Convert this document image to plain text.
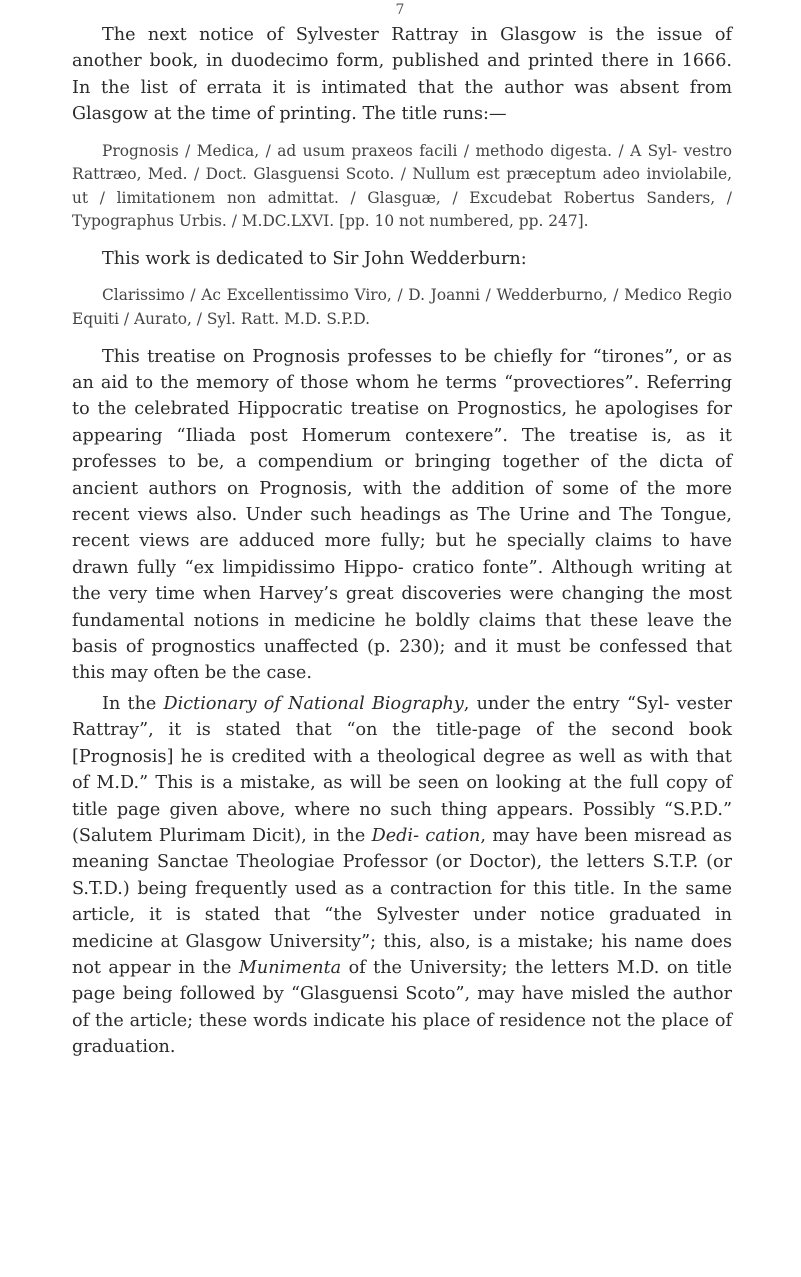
7

The next notice of Sylvester Rattray in Glasgow is the issue of another book, in duodecimo form, published and printed there in 1666. In the list of errata it is intimated that the author was absent from Glasgow at the time of printing. The title runs:—

Prognosis / Medica, / ad usum praxeos facili / methodo digesta. / A Syl- vestro Rattræo, Med. / Doct. Glasguensi Scoto. / Nullum est præceptum adeo inviolabile, ut / limitationem non admittat. / Glasguæ, / Excudebat Robertus Sanders, / Typographus Urbis. / M.DC.LXVI. [pp. 10 not numbered, pp. 247].

This work is dedicated to Sir John Wedderburn:

Clarissimo / Ac Excellentissimo Viro, / D. Joanni / Wedderburno, / Medico Regio Equiti / Aurato, / Syl. Ratt. M.D. S.P.D.

This treatise on Prognosis professes to be chiefly for “tirones”, or as an aid to the memory of those whom he terms “provectiores”. Referring to the celebrated Hippocratic treatise on Prognostics, he apologises for appearing “Iliada post Homerum contexere”. The treatise is, as it professes to be, a compendium or bringing together of the dicta of ancient authors on Prognosis, with the addition of some of the more recent views also. Under such headings as The Urine and The Tongue, recent views are adduced more fully; but he specially claims to have drawn fully “ex limpidissimo Hippo- cratico fonte”. Although writing at the very time when Harvey’s great discoveries were changing the most fundamental notions in medicine he boldly claims that these leave the basis of prognostics unaffected (p. 230); and it must be confessed that this may often be the case.

In the Dictionary of National Biography, under the entry “Syl- vester Rattray”, it is stated that “on the title-page of the second book [Prognosis] he is credited with a theological degree as well as with that of M.D.” This is a mistake, as will be seen on looking at the full copy of title page given above, where no such thing appears. Possibly “S.P.D.” (Salutem Plurimam Dicit), in the Dedi- cation, may have been misread as meaning Sanctae Theologiae Professor (or Doctor), the letters S.T.P. (or S.T.D.) being frequently used as a contraction for this title. In the same article, it is stated that “the Sylvester under notice graduated in medicine at Glasgow University”; this, also, is a mistake; his name does not appear in the Munimenta of the University; the letters M.D. on title page being followed by “Glasguensi Scoto”, may have misled the author of the article; these words indicate his place of residence not the place of graduation.
